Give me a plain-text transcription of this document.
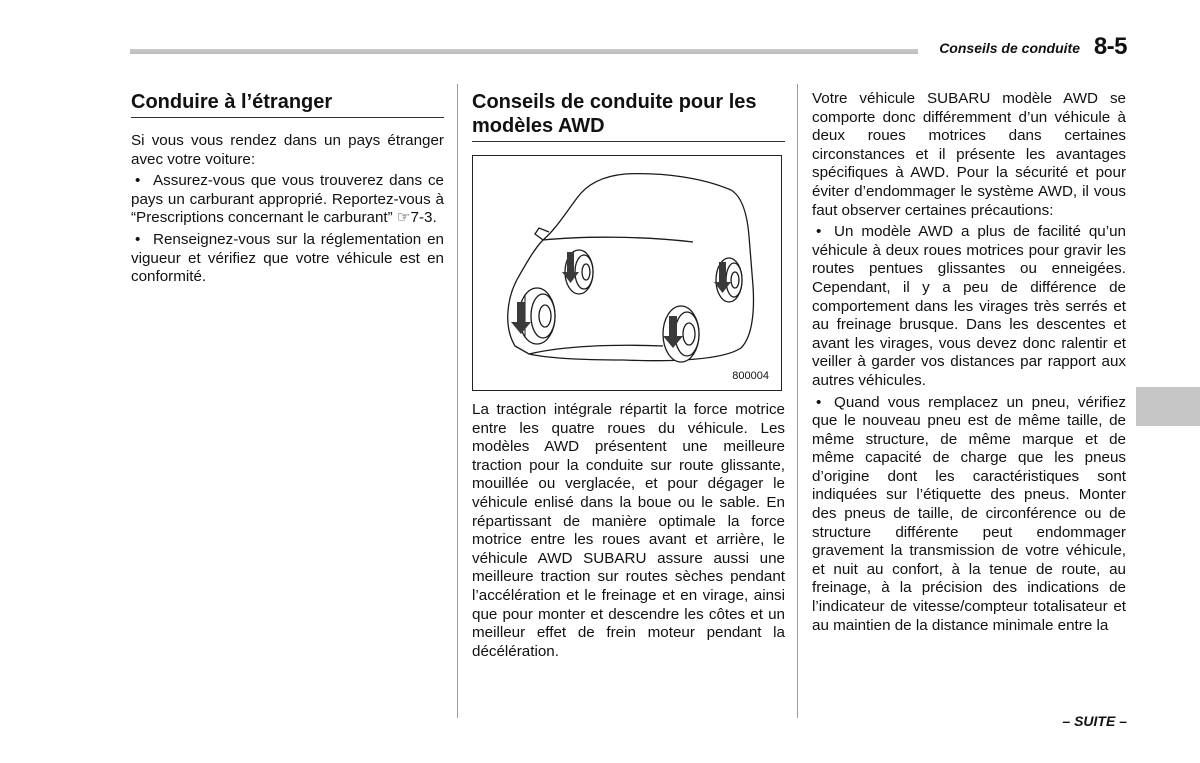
Conseils de conduite 8-5
Conduire à l’étranger

Si vous vous rendez dans un pays étranger avec votre voiture:

• Assurez-vous que vous trouverez dans ce pays un carburant approprié. Reportez-vous à “Prescriptions concernant le carburant” ☞7-3.

• Renseignez-vous sur la réglementation en vigueur et vérifiez que votre véhicule est en conformité.

Conseils de conduite pour les modèles AWD
800004

La traction intégrale répartit la force motrice entre les quatre roues du véhicule. Les modèles AWD présentent une meilleure traction pour la conduite sur route glissante, mouillée ou verglacée, et pour dégager le véhicule enlisé dans la boue ou le sable. En répartissant de manière optimale la force motrice entre les roues avant et arrière, le véhicule AWD SUBARU assure aussi une meilleure traction sur routes sèches pendant l’accélération et le freinage et en virage, ainsi que pour monter et descendre les côtes et un meilleur effet de frein moteur pendant la décélération.

Votre véhicule SUBARU modèle AWD se comporte donc différemment d’un véhicule à deux roues motrices dans certaines circonstances et il présente les avantages spécifiques à AWD. Pour la sécurité et pour éviter d’endommager le système AWD, il vous faut observer certaines précautions:

• Un modèle AWD a plus de facilité qu’un véhicule à deux roues motrices pour gravir les routes pentues glissantes ou enneigées. Cependant, il y a peu de différence de comportement dans les virages très serrés et au freinage brusque. Dans les descentes et avant les virages, vous devez donc ralentir et veiller à garder vos distances par rapport aux autres véhicules.

• Quand vous remplacez un pneu, vérifiez que le nouveau pneu est de même taille, de même structure, de même marque et de même capacité de charge que les pneus d’origine dont les caractéristiques sont indiquées sur l’étiquette des pneus. Monter des pneus de taille, de circonférence ou de structure différente peut endommager gravement la transmission de votre véhicule, et nuit au confort, à la tenue de route, au freinage, à la précision des indications de l’indicateur de vitesse/compteur totalisateur et au maintien de la distance minimale entre la

– SUITE –
